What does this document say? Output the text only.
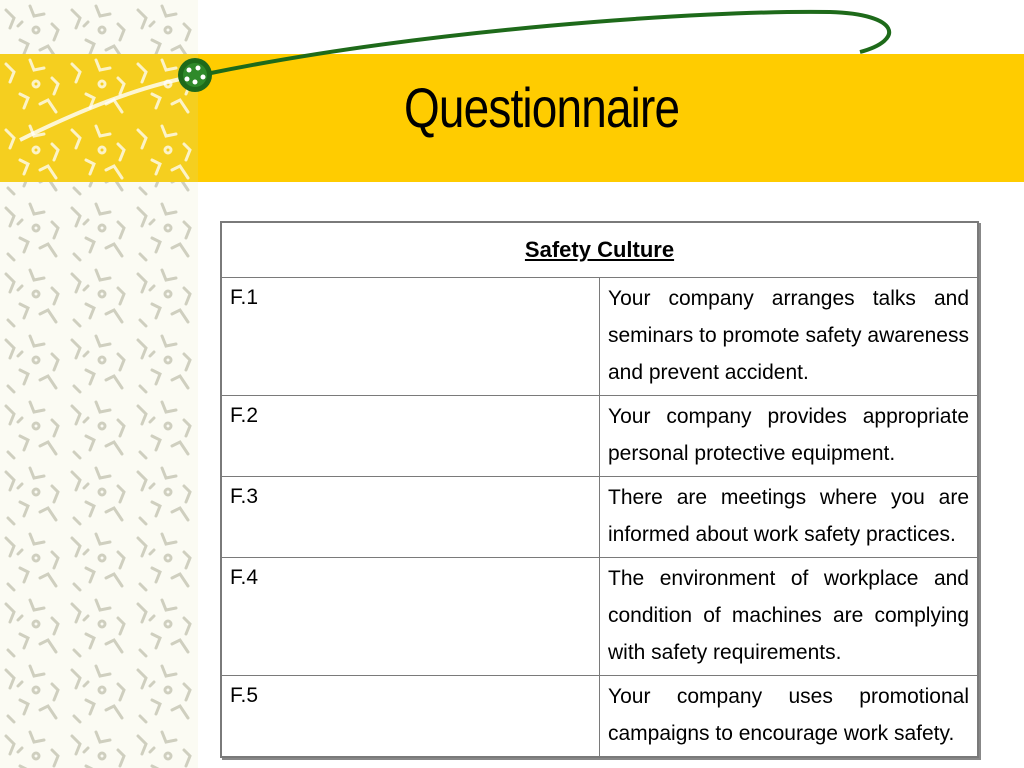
Questionnaire
Safety Culture	
F.1	Your company arranges talks and seminars to promote safety awareness and prevent accident.
F.2	Your company provides appropriate personal protective equipment.
F.3	There are meetings where you are informed about work safety practices.
F.4	The environment of workplace and condition of machines are complying with safety requirements.
F.5	Your company uses promotional campaigns to encourage work safety.
